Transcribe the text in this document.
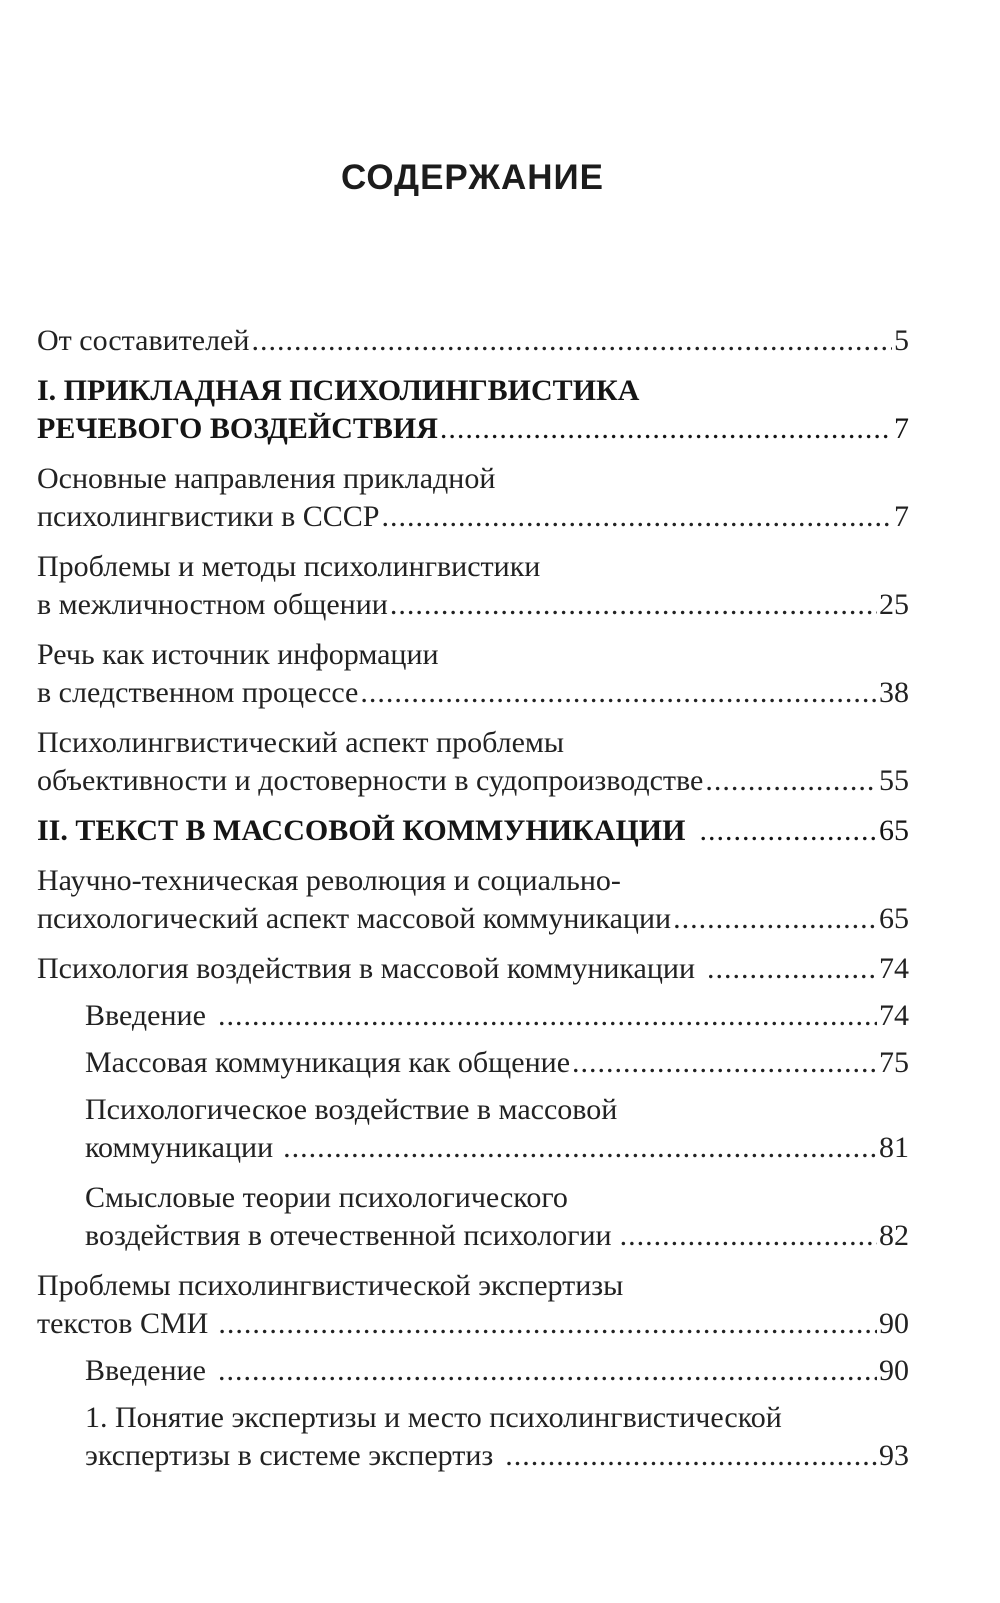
СОДЕРЖАНИЕ
От составителей .....	5
I. ПРИКЛАДНАЯ ПСИХОЛИНГВИСТИКА
РЕЧЕВОГО ВОЗДЕЙСТВИЯ .....	7
Основные направления прикладной
психолингвистики в СССР .....	7
Проблемы и методы психолингвистики
в межличностном общении .....	25
Речь как источник информации
в следственном процессе .....	38
Психолингвистический аспект проблемы
объективности и достоверности в судопроизводстве .....	55
II. ТЕКСТ В МАССОВОЙ КОММУНИКАЦИИ .....	65
Научно-техническая революция и социально-
психологический аспект массовой коммуникации .....	65
Психология воздействия в массовой коммуникации .....	74
Введение .....	74
Массовая коммуникация как общение .....	75
Психологическое воздействие в массовой
коммуникации .....	81
Смысловые теории психологического
воздействия в отечественной психологии .....	82
Проблемы психолингвистической экспертизы
текстов СМИ .....	90
Введение .....	90
1. Понятие экспертизы и место психолингвистической
экспертизы в системе экспертиз .....	93
